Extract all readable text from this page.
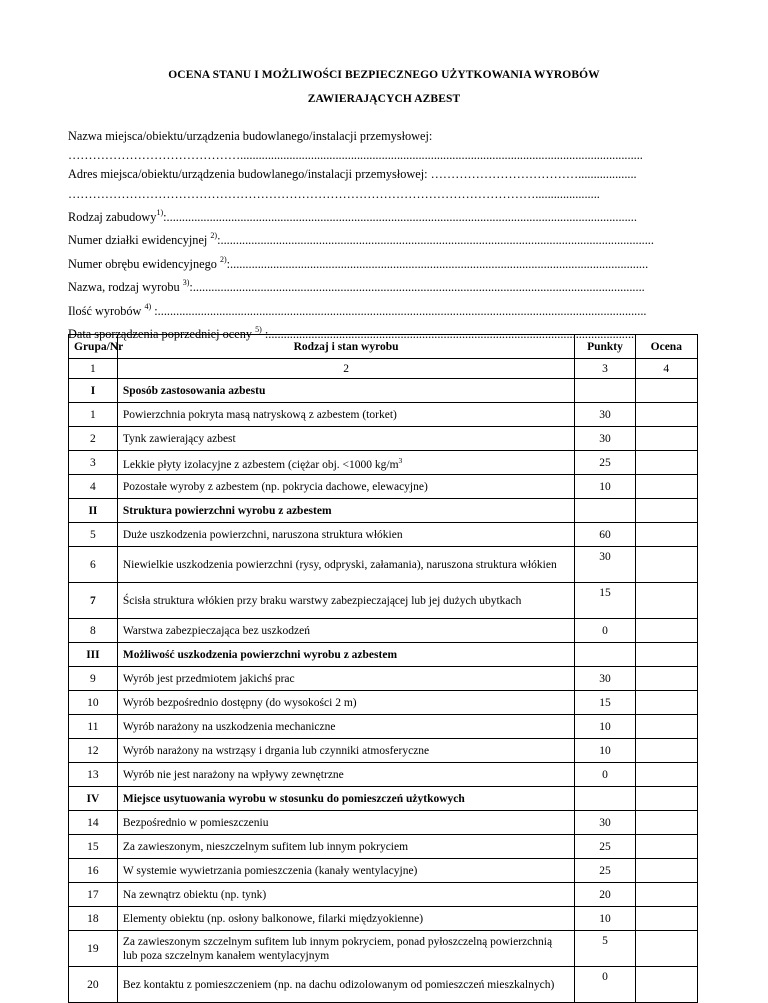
OCENA STANU I MOŻLIWOŚCI BEZPIECZNEGO UŻYTKOWANIA WYROBÓW
ZAWIERAJĄCYCH AZBEST
Nazwa miejsca/obiektu/urządzenia budowlanego/instalacji przemysłowej:
……………………………………...................................................................................................................................
Adres miejsca/obiektu/urządzenia budowlanego/instalacji przemysłowej: ………………………………...................
…………………………………………………………………………………………………….....................
Rodzaj zabudowy$^{1)}$:.........................................................................................................................................................
Numer działki ewidencyjnej $^{2)}$:.............................................................................................................................................
Numer obrębu ewidencyjnego $^{2)}$:........................................................................................................................................
Nazwa, rodzaj wyrobu $^{3)}$:...................................................................................................................................................
Ilość wyrobów $^{4)}$ :...............................................................................................................................................................
Data sporządzenia poprzedniej oceny $^{5)}$ :.......................................................................................................................
Grupa/Nr	Rodzaj i stan wyrobu	Punkty	Ocena
1	2	3	4
I	Sposób zastosowania azbestu		
1	Powierzchnia pokryta masą natryskową z azbestem (torket)	30	
2	Tynk zawierający azbest	30	
3	Lekkie płyty izolacyjne z azbestem (ciężar obj. <1000 $kg/m^3$	25	
4	Pozostałe wyroby z azbestem (np. pokrycia dachowe, elewacyjne)	10	
II	Struktura powierzchni wyrobu z azbestem		
5	Duże uszkodzenia powierzchni, naruszona struktura włókien	60	
6	Niewielkie uszkodzenia powierzchni (rysy, odpryski, załamania), naruszona struktura włókien	30	
7	Ścisła struktura włókien przy braku warstwy zabezpieczającej lub jej dużych ubytkach	15	
8	Warstwa zabezpieczająca bez uszkodzeń	0	
III	Możliwość uszkodzenia powierzchni wyrobu z azbestem		
9	Wyrób jest przedmiotem jakichś prac	30	
10	Wyrób bezpośrednio dostępny (do wysokości 2 m)	15	
11	Wyrób narażony na uszkodzenia mechaniczne	10	
12	Wyrób narażony na wstrząsy i drgania lub czynniki atmosferyczne	10	
13	Wyrób nie jest narażony na wpływy zewnętrzne	0	
IV	Miejsce usytuowania wyrobu w stosunku do pomieszczeń użytkowych		
14	Bezpośrednio w pomieszczeniu	30	
15	Za zawieszonym, nieszczelnym sufitem lub innym pokryciem	25	
16	W systemie wywietrzania pomieszczenia (kanały wentylacyjne)	25	
17	Na zewnątrz obiektu (np. tynk)	20	
18	Elementy obiektu (np. osłony balkonowe, filarki międzyokienne)	10	
19	Za zawieszonym szczelnym sufitem lub innym pokryciem, ponad pyłoszczelną powierzchnią lub poza szczelnym kanałem wentylacyjnym	5	
20	Bez kontaktu z pomieszczeniem (np. na dachu odizolowanym od pomieszczeń mieszkalnych)	0	
